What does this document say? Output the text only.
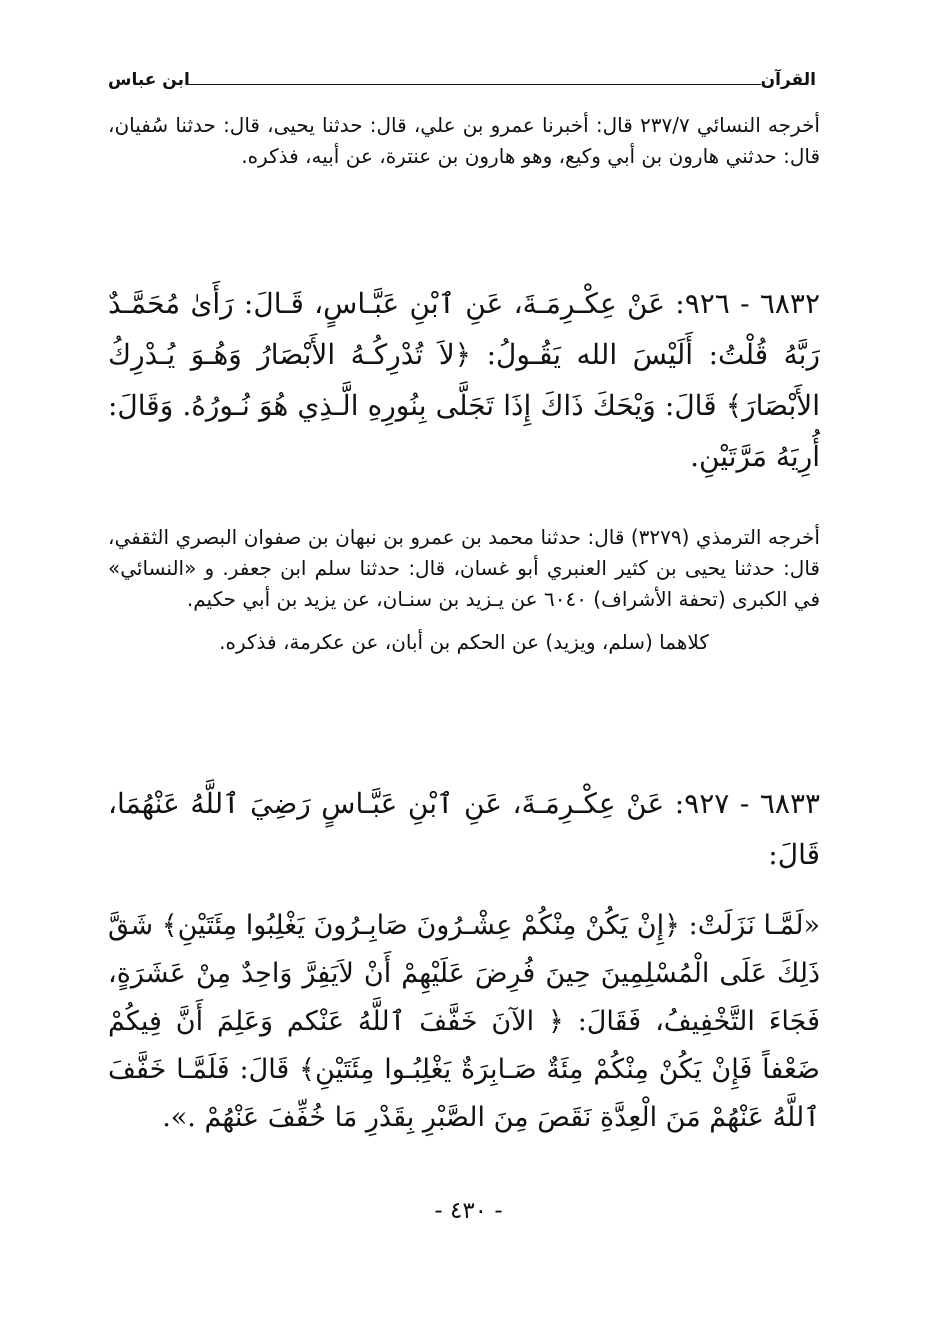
القرآن
ابن عباس

أخرجه النسائي ٢٣٧/٧ قال: أخبرنا عمرو بن علي، قال: حدثنا يحيى، قال: حدثنا سُفيان، قال: حدثني هارون بن أبي وكيع، وهو هارون بن عنترة، عن أبيه، فذكره.

٦٨٣٢ - ٩٢٦: عَنْ عِكْـرِمَـةَ، عَنِ ٱبْنِ عَبَّـاسٍ، قَـالَ: رَأَىٰ مُحَمَّـدٌ رَبَّهُ قُلْتُ: أَلَيْسَ الله يَقُـولُ: ﴿لاَ تُدْرِكُـهُ الأَبْصَارُ وَهُـوَ يُـدْرِكُ الأَبْصَارَ﴾ قَالَ: وَيْحَكَ ذَاكَ إِذَا تَجَلَّى بِنُورِهِ الَّـذِي هُوَ نُـورُهُ. وَقَالَ: أُرِيَهُ مَرَّتَيْنِ.

أخرجه الترمذي (٣٢٧٩) قال: حدثنا محمد بن عمرو بن نبهان بن صفوان البصري الثقفي، قال: حدثنا يحيى بن كثير العنبري أبو غسان، قال: حدثنا سلم ابن جعفر. و «النسائي» في الكبرى (تحفة الأشراف) ٦٠٤٠ عن يـزيد بن سنـان، عن يزيد بن أبي حكيم.

كلاهما (سلم، ويزيد) عن الحكم بن أبان، عن عكرمة، فذكره.

٦٨٣٣ - ٩٢٧: عَنْ عِكْـرِمَـةَ، عَنِ ٱبْنِ عَبَّـاسٍ رَضِيَ ٱللَّهُ عَنْهُمَا، قَالَ:

«لَمَّـا نَزَلَتْ: ﴿إِنْ يَكُنْ مِنْكُمْ عِشْـرُونَ صَابِـرُونَ يَغْلِبُوا مِئَتَيْنِ﴾ شَقَّ ذَلِكَ عَلَى الْمُسْلِمِينَ حِينَ فُرِضَ عَلَيْهِمْ أَنْ لاَيَفِرَّ وَاحِدٌ مِنْ عَشَرَةٍ، فَجَاءَ التَّخْفِيفُ، فَقَالَ: ﴿ الآنَ خَفَّفَ ٱللَّهُ عَنْكم وَعَلِمَ أَنَّ فِيكُمْ ضَعْفاً فَإِنْ يَكُنْ مِنْكُمْ مِئَةٌ صَـابِرَةٌ يَغْلِبُـوا مِئَتَيْنِ﴾ قَالَ: فَلَمَّـا خَفَّفَ ٱللَّهُ عَنْهُمْ مَنَ الْعِدَّةِ نَقَصَ مِنَ الصَّبْرِ بِقَدْرِ مَا خُفِّفَ عَنْهُمْ .».

- ٤٣٠ -
